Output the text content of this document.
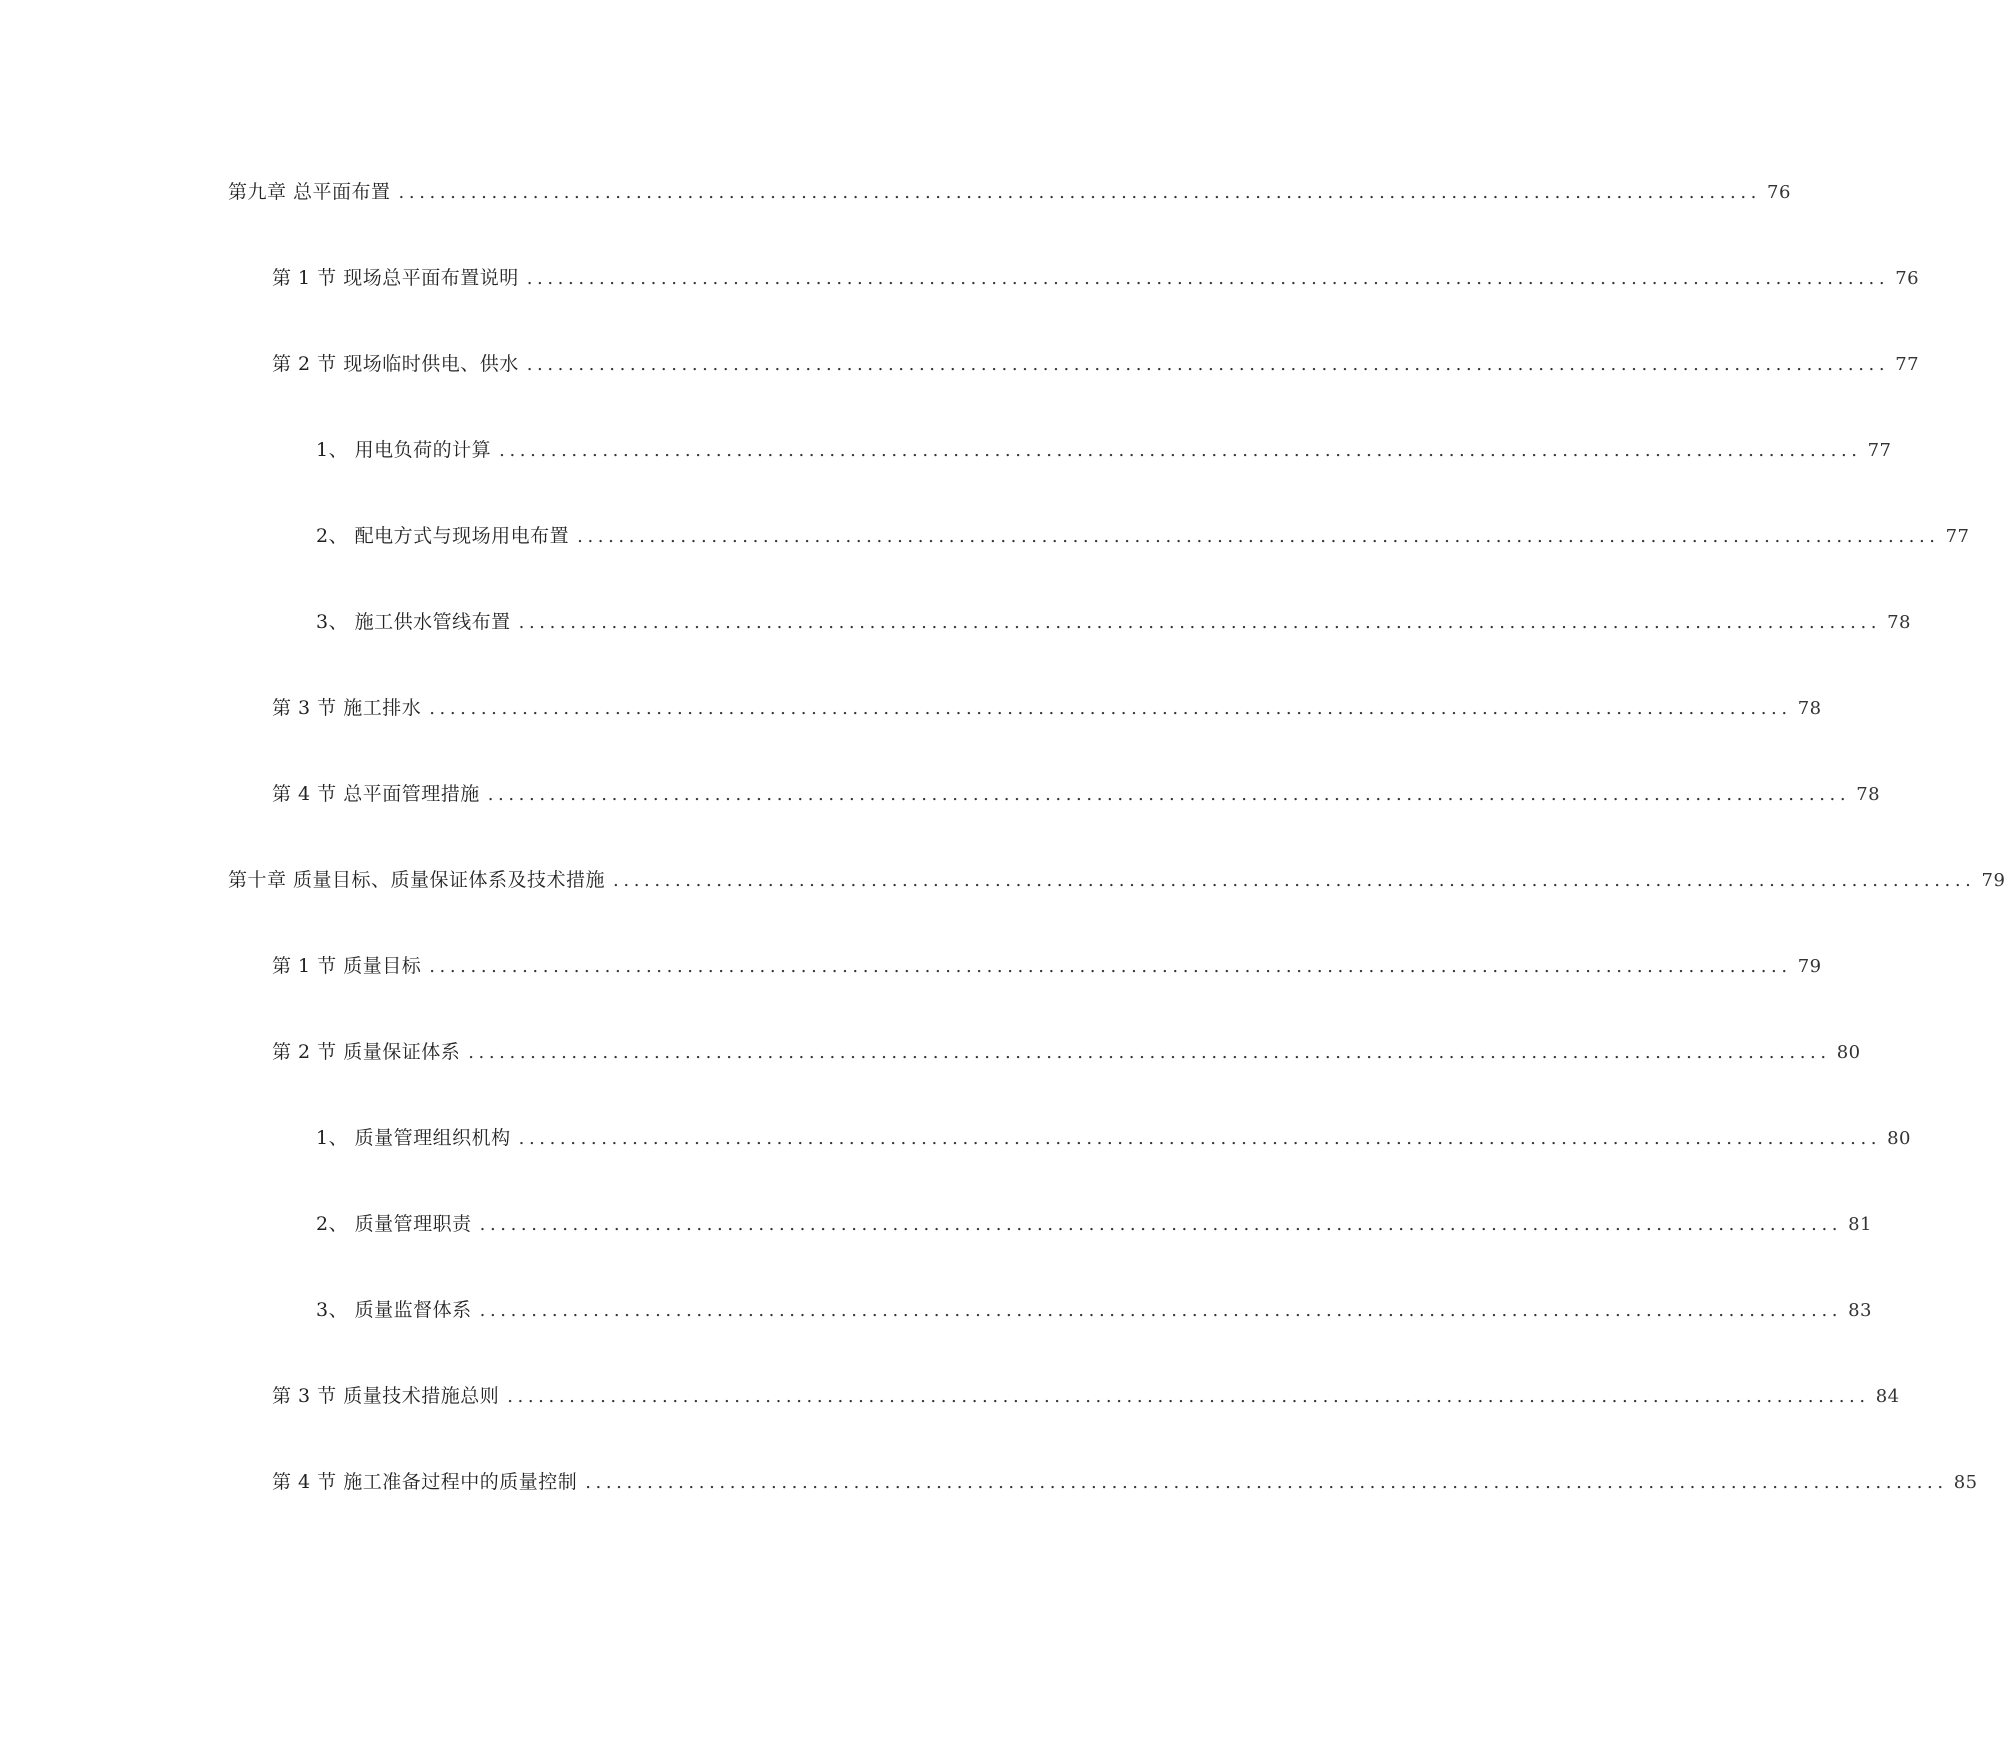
第九章 总平面布置 .................................................................................................................................... 76
第 1 节 现场总平面布置说明 .................................................................................................................................... 76
第 2 节 现场临时供电、供水 .................................................................................................................................... 77
1、 用电负荷的计算 .................................................................................................................................... 77
2、 配电方式与现场用电布置 .................................................................................................................................... 77
3、 施工供水管线布置 .................................................................................................................................... 78
第 3 节 施工排水 .................................................................................................................................... 78
第 4 节 总平面管理措施 .................................................................................................................................... 78
第十章 质量目标、质量保证体系及技术措施 .................................................................................................................................... 79
第 1 节 质量目标 .................................................................................................................................... 79
第 2 节 质量保证体系 .................................................................................................................................... 80
1、 质量管理组织机构 .................................................................................................................................... 80
2、 质量管理职责 .................................................................................................................................... 81
3、 质量监督体系 .................................................................................................................................... 83
第 3 节 质量技术措施总则 .................................................................................................................................... 84
第 4 节 施工准备过程中的质量控制 .................................................................................................................................... 85
